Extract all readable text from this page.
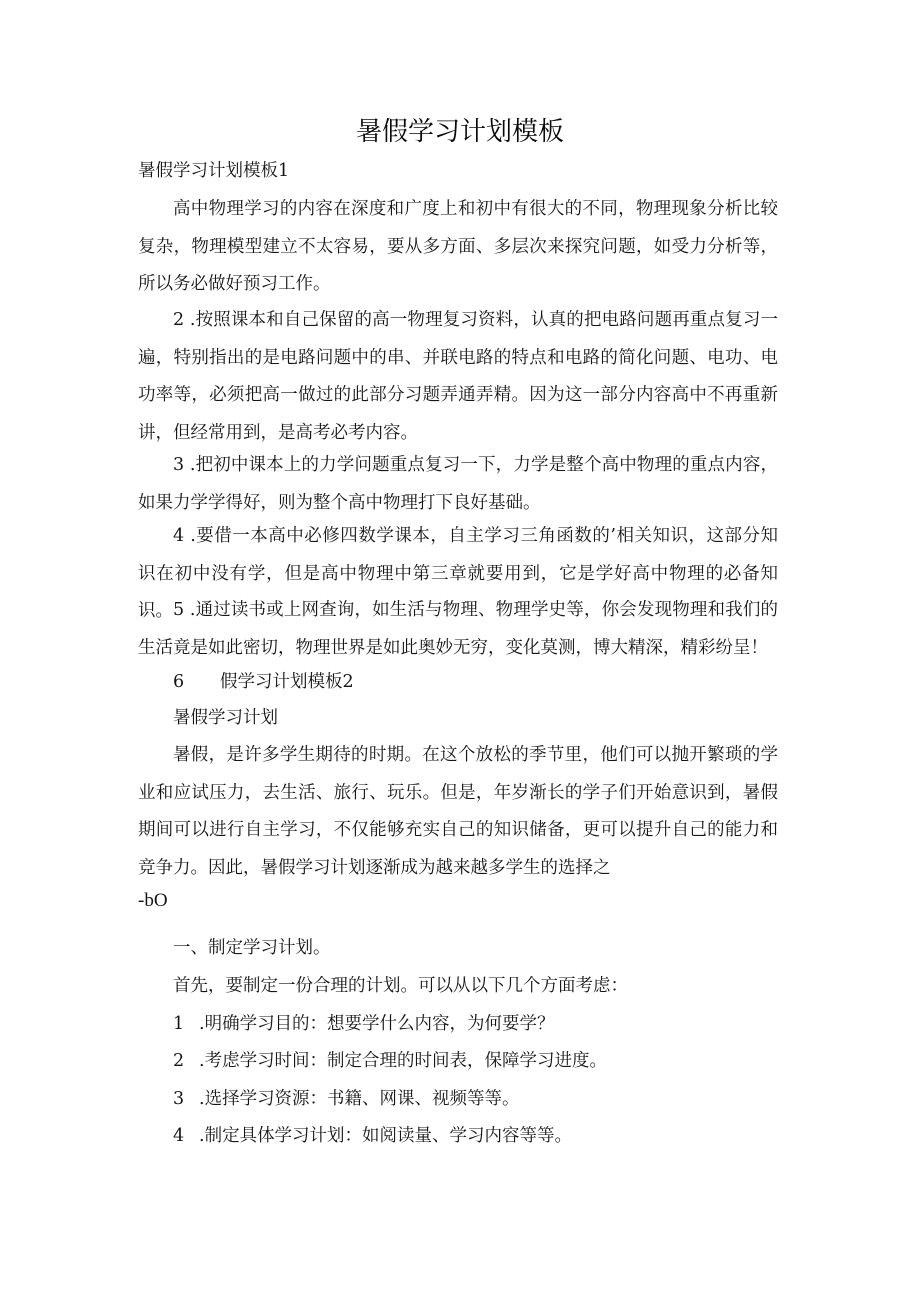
暑假学习计划模板

暑假学习计划模板1

高中物理学习的内容在深度和广度上和初中有很大的不同，物理现象分析比较复杂，物理模型建立不太容易，要从多方面、多层次来探究问题，如受力分析等，所以务必做好预习工作。

2 .按照课本和自己保留的高一物理复习资料，认真的把电路问题再重点复习一遍，特别指出的是电路问题中的串、并联电路的特点和电路的简化问题、电功、电功率等，必须把高一做过的此部分习题弄通弄精。因为这一部分内容高中不再重新讲，但经常用到，是高考必考内容。

3 .把初中课本上的力学问题重点复习一下，力学是整个高中物理的重点内容，如果力学学得好，则为整个高中物理打下良好基础。

4 .要借一本高中必修四数学课本，自主学习三角函数的’相关知识，这部分知识在初中没有学，但是高中物理中第三章就要用到，它是学好高中物理的必备知识。 5 .通过读书或上网查询，如生活与物理、物理学史等，你会发现物理和我们的生活竟是如此密切，物理世界是如此奥妙无穷，变化莫测，博大精深，精彩纷呈！

6 假学习计划模板2

暑假学习计划

暑假，是许多学生期待的时期。在这个放松的季节里，他们可以抛开繁琐的学业和应试压力，去生活、旅行、玩乐。但是，年岁渐长的学子们开始意识到，暑假期间可以进行自主学习，不仅能够充实自己的知识储备，更可以提升自己的能力和竞争力。因此，暑假学习计划逐渐成为越来越多学生的选择之

-bO

一、制定学习计划。

首先，要制定一份合理的计划。可以从以下几个方面考虑：

1 .明确学习目的：想要学什么内容，为何要学？

2 .考虑学习时间：制定合理的时间表，保障学习进度。

3 .选择学习资源：书籍、网课、视频等等。

4 .制定具体学习计划：如阅读量、学习内容等等。
